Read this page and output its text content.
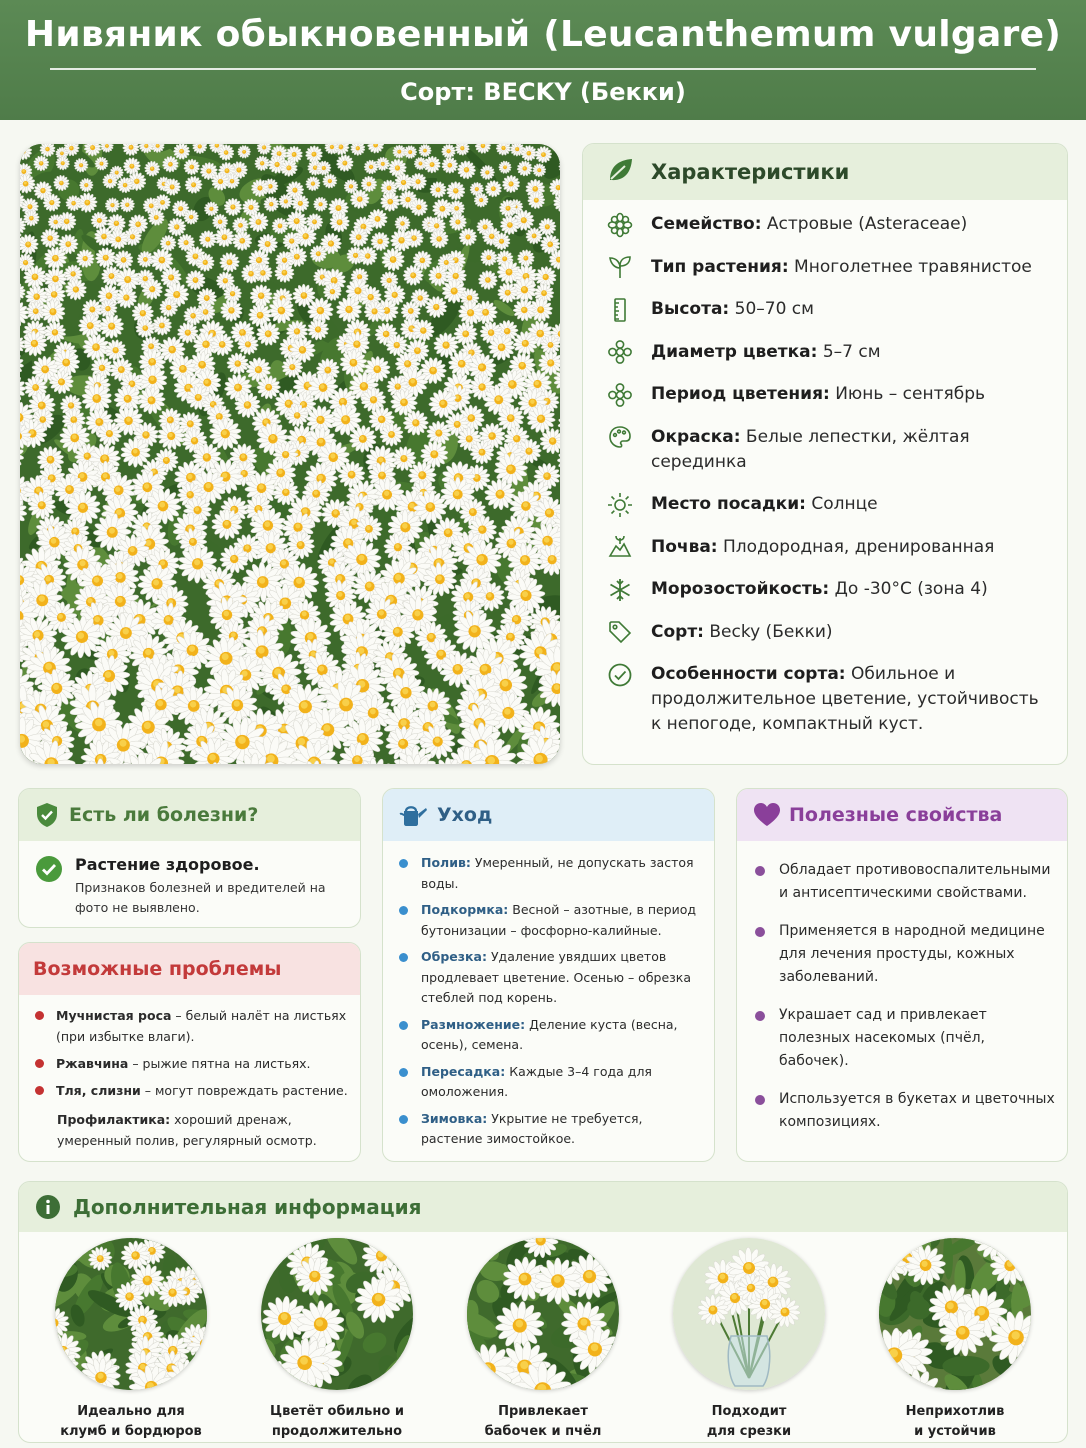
Нивяник обыкновенный (Leucanthemum vulgare)
Сорт: BECKY (Бекки)
Характеристики
Семейство: Астровые (Asteraceae)
Тип растения: Многолетнее травянистое
Высота: 50–70 см
Диаметр цветка: 5–7 см
Период цветения: Июнь – сентябрь
Окраска: Белые лепестки, жёлтая серединка
Место посадки: Солнце
Почва: Плодородная, дренированная
Морозостойкость: До -30°C (зона 4)
Сорт: Becky (Бекки)
Особенности сорта: Обильное и продолжительное цветение, устойчивость к непогоде, компактный куст.
Есть ли болезни?
Растение здоровое.
Признаков болезней и вредителей на фото не выявлено.
Возможные проблемы
Мучнистая роса – белый налёт на листьях (при избытке влаги).
Ржавчина – рыжие пятна на листьях.
Тля, слизни – могут повреждать растение.
Профилактика: хороший дренаж, умеренный полив, регулярный осмотр.
Уход
Полив: Умеренный, не допускать застоя воды.
Подкормка: Весной – азотные, в период бутонизации – фосфорно-калийные.
Обрезка: Удаление увядших цветов продлевает цветение. Осенью – обрезка стеблей под корень.
Размножение: Деление куста (весна, осень), семена.
Пересадка: Каждые 3–4 года для омоложения.
Зимовка: Укрытие не требуется, растение зимостойкое.
Полезные свойства
Обладает противовоспалительными и антисептическими свойствами.
Применяется в народной медицине для лечения простуды, кожных заболеваний.
Украшает сад и привлекает полезных насекомых (пчёл, бабочек).
Используется в букетах и цветочных композициях.
Дополнительная информация
Идеально для
клумб и бордюров
Цветёт обильно и
продолжительно
Привлекает
бабочек и пчёл
Подходит
для срезки
Неприхотлив
и устойчив
